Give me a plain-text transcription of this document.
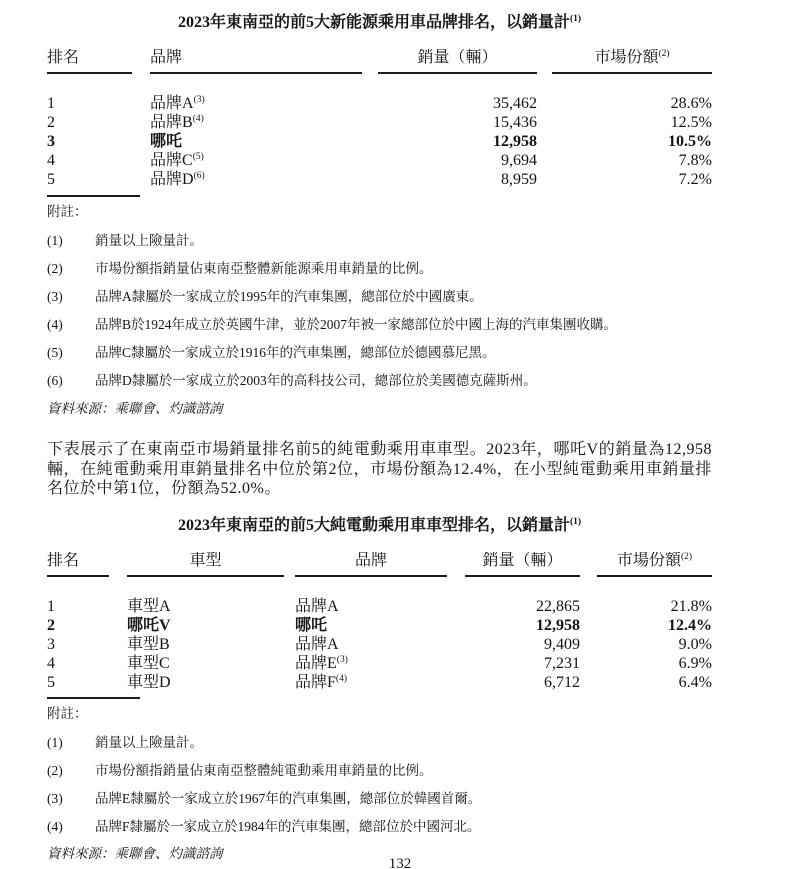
2023年東南亞的前5大新能源乘用車品牌排名，以銷量計$^{(1)}$
排名		品牌		銷量（輛）		市場份額$^{(2)}$

1		品牌$A^{(3)}$		35,462		28.6%
2		品牌$B^{(4)}$		15,436		12.5%
3		哪吒		12,958		10.5%
4		品牌$C^{(5)}$		9,694		7.8%
5		品牌$D^{(6)}$		8,959		7.2%
附註：
(1)	銷量以上險量計。
(2)	市場份額指銷量佔東南亞整體新能源乘用車銷量的比例。
(3)	品牌A隸屬於一家成立於1995年的汽車集團，總部位於中國廣東。
(4)	品牌B於1924年成立於英國牛津，並於2007年被一家總部位於中國上海的汽車集團收購。
(5)	品牌C隸屬於一家成立於1916年的汽車集團，總部位於德國慕尼黑。
(6)	品牌D隸屬於一家成立於2003年的高科技公司，總部位於美國德克薩斯州。
資料來源：乘聯會、灼識諮詢
下表展示了在東南亞市場銷量排名前5的純電動乘用車車型。2023年，哪吒V的銷量為12,958輛，在純電動乘用車銷量排名中位於第2位，市場份額為12.4%，在小型純電動乘用車銷量排名位於中第1位，份額為52.0%。
2023年東南亞的前5大純電動乘用車車型排名，以銷量計$^{(1)}$
排名		車型		品牌		銷量（輛）		市場份額$^{(2)}$

1		車型A		品牌A		22,865		21.8%
2		哪吒V		哪吒		12,958		12.4%
3		車型B		品牌A		9,409		9.0%
4		車型C		品牌$E^{(3)}$		7,231		6.9%
5		車型D		品牌$F^{(4)}$		6,712		6.4%
附註：
(1)	銷量以上險量計。
(2)	市場份額指銷量佔東南亞整體純電動乘用車銷量的比例。
(3)	品牌E隸屬於一家成立於1967年的汽車集團，總部位於韓國首爾。
(4)	品牌F隸屬於一家成立於1984年的汽車集團，總部位於中國河北。
資料來源：乘聯會、灼識諮詢
132
